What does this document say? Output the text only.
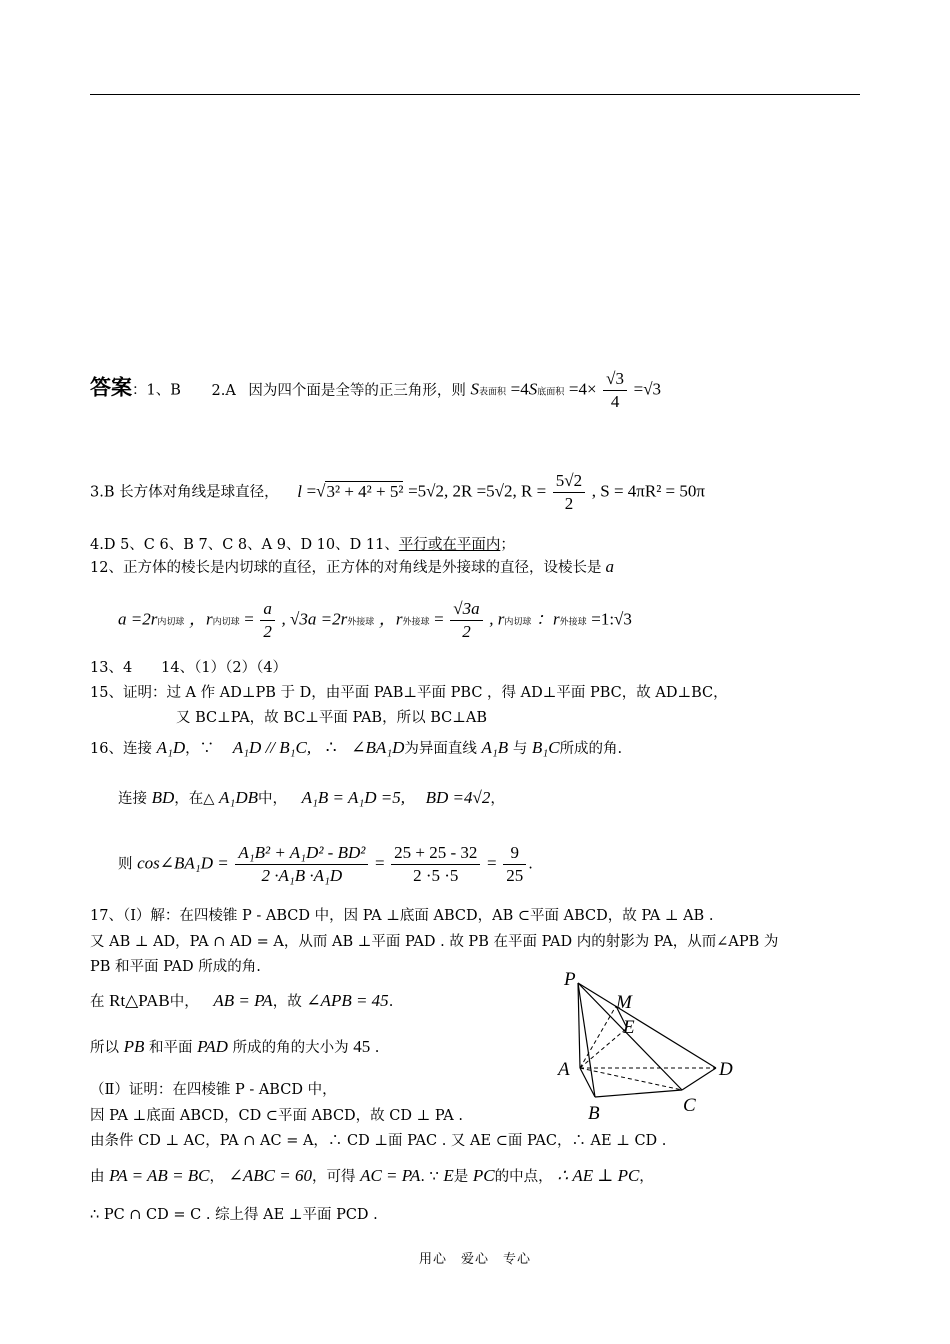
答案：1、B 2.A 因为四个面是全等的正三角形，则 S表面积 =4S底面积 $=4\times \frac{√3}{4} =√3$
3.B 长方体对角线是球直径， l =√3² + 4² + 5² =5√2, 2R =5√2, $R = \frac{5√2}{2}$ , S = 4πR² = 50π
4.D 5、C 6、B 7、C 8、A 9、D 10、D 11、平行或在平面内；
12、正方体的棱长是内切球的直径，正方体的对角线是外接球的直径，设棱长是 a
a =2r内切球 ，r内切球 = $\frac{a}{2}$ , √3a =2r外接球 ，r外接球 = $\frac{√3a}{2}$ , r内切球 ：r外接球 =1:√3
13、4　　14、（1）（2）（4）
15、证明：过 A 作 AD⊥PB 于 D，由平面 PAB⊥平面 PBC ，得 AD⊥平面 PBC，故 AD⊥BC，
又 BC⊥PA，故 BC⊥平面 PAB，所以 BC⊥AB
16、连接 A₁D，∵ A₁D // B₁C, ∴ ∠BA₁D为异面直线 A₁B 与 B₁C所成的角.
连接 BD，在△ A₁DB中， A₁B = A₁D =5, BD =4√2，
则 cos∠BA₁D = $\frac{\text{A₁B² + A₁D² - BD²}}{\text{2 ·A₁B ·A₁D}} = \frac{25 + 25 - 32}{2 \cdot 5 \cdot 5} = \frac{9}{25}$ .
17、（Ⅰ）解：在四棱锥 P - ABCD 中，因 PA ⊥底面 ABCD，AB ⊂平面 ABCD，故 PA ⊥ AB .
又 AB ⊥ AD，PA ∩ AD = A，从而 AB ⊥平面 PAD . 故 PB 在平面 PAD 内的射影为 PA，从而∠APB 为
PB 和平面 PAD 所成的角.
在 Rt△PAB中， AB = PA，故 ∠APB = 45.
所以 PB 和平面 PAD 所成的角的大小为 45 .
（Ⅱ）证明：在四棱锥 P - ABCD 中，
因 PA ⊥底面 ABCD，CD ⊂平面 ABCD，故 CD ⊥ PA .
由条件 CD ⊥ AC，PA ∩ AC = A，∴ CD ⊥面 PAC . 又 AE ⊂面 PAC，∴ AE ⊥ CD .
由 PA = AB = BC， ∠ABC = 60，可得 AC = PA. ∵ E是 PC的中点， ∴ AE ⊥ PC，
∴ PC ∩ CD = C . 综上得 AE ⊥平面 PCD .
P
M
E
A	D
B	C
用心　爱心　专心
